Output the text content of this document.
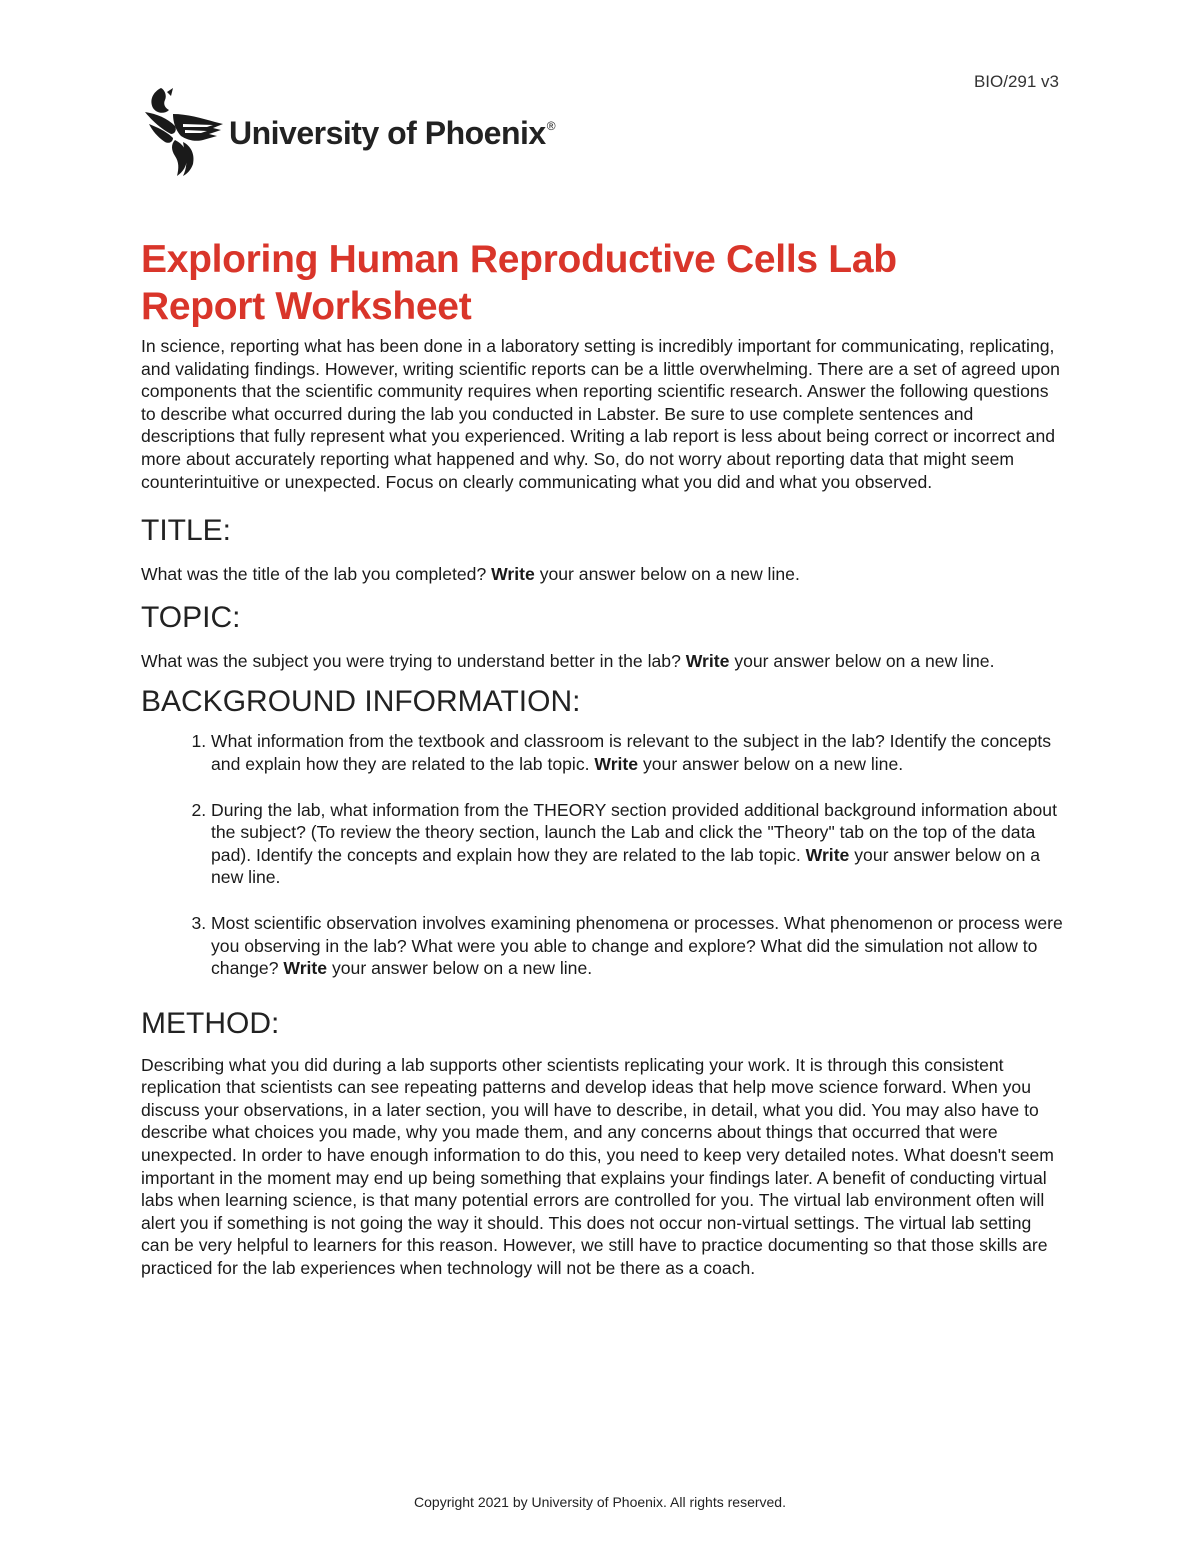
BIO/291 v3
University of Phoenix®
Exploring Human Reproductive Cells Lab
Report Worksheet

In science, reporting what has been done in a laboratory setting is incredibly important for communicating, replicating, and validating findings. However, writing scientific reports can be a little overwhelming. There are a set of agreed upon components that the scientific community requires when reporting scientific research. Answer the following questions to describe what occurred during the lab you conducted in Labster. Be sure to use complete sentences and descriptions that fully represent what you experienced. Writing a lab report is less about being correct or incorrect and more about accurately reporting what happened and why. So, do not worry about reporting data that might seem counterintuitive or unexpected. Focus on clearly communicating what you did and what you observed.

TITLE:

What was the title of the lab you completed? Write your answer below on a new line.

TOPIC:

What was the subject you were trying to understand better in the lab? Write your answer below on a new line.

BACKGROUND INFORMATION:
1. What information from the textbook and classroom is relevant to the subject in the lab? Identify the concepts and explain how they are related to the lab topic. Write your answer below on a new line.
2. During the lab, what information from the THEORY section provided additional background information about the subject? (To review the theory section, launch the Lab and click the "Theory" tab on the top of the data pad). Identify the concepts and explain how they are related to the lab topic. Write your answer below on a new line.
3. Most scientific observation involves examining phenomena or processes. What phenomenon or process were you observing in the lab? What were you able to change and explore? What did the simulation not allow to change? Write your answer below on a new line.
METHOD:

Describing what you did during a lab supports other scientists replicating your work. It is through this consistent replication that scientists can see repeating patterns and develop ideas that help move science forward. When you discuss your observations, in a later section, you will have to describe, in detail, what you did. You may also have to describe what choices you made, why you made them, and any concerns about things that occurred that were unexpected. In order to have enough information to do this, you need to keep very detailed notes. What doesn't seem important in the moment may end up being something that explains your findings later. A benefit of conducting virtual labs when learning science, is that many potential errors are controlled for you. The virtual lab environment often will alert you if something is not going the way it should. This does not occur non-virtual settings. The virtual lab setting can be very helpful to learners for this reason. However, we still have to practice documenting so that those skills are practiced for the lab experiences when technology will not be there as a coach.

Copyright 2021 by University of Phoenix. All rights reserved.
